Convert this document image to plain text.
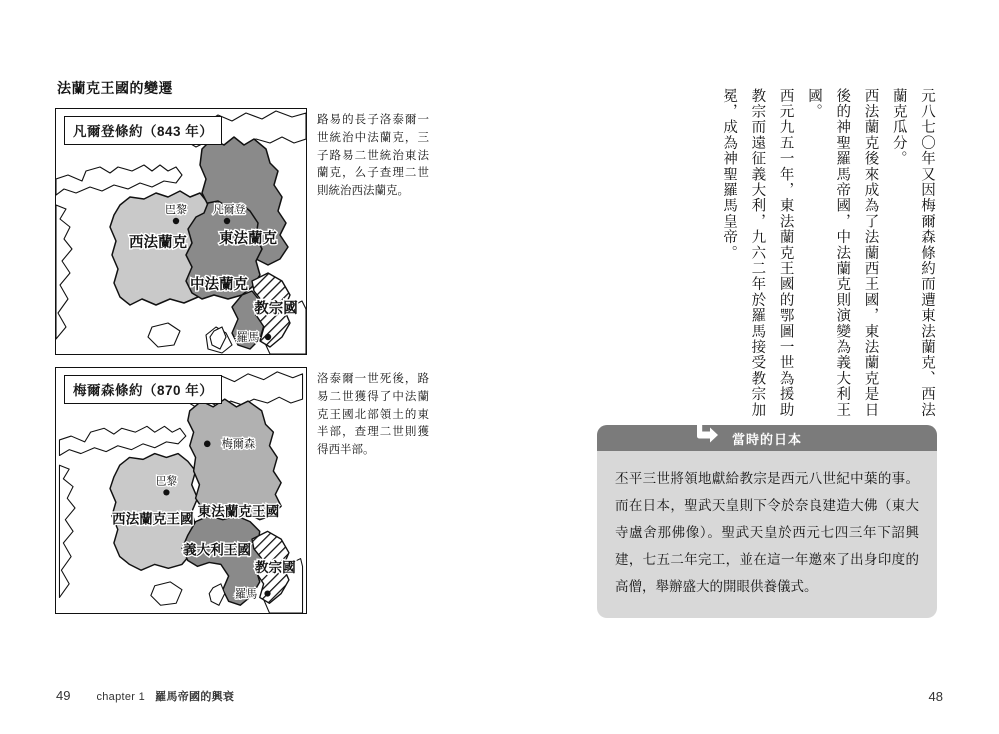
法蘭克王國的變遷
巴黎 凡爾登
西法蘭克 東法蘭克
中法蘭克
教宗國
羅馬
凡爾登條約（843 年）
路易的長子洛泰爾一世統治中法蘭克，三子路易二世統治東法蘭克，么子查理二世則統治西法蘭克。
巴黎
梅爾森
西法蘭克王國
東法蘭克王國
義大利王國
教宗國
羅馬
梅爾森條約（870 年）
洛泰爾一世死後，路易二世獲得了中法蘭克王國北部領土的東半部，查理二世則獲得西半部。
元八七〇年又因梅爾森條約而遭東法蘭克、西法蘭克瓜分。
西法蘭克後來成為了法蘭西王國，東法蘭克是日後的神聖羅馬帝國，中法蘭克則演變為義大利王國。
西元九五一年，東法蘭克王國的鄂圖一世為援助教宗而遠征義大利，九六二年於羅馬接受教宗加冕，成為神聖羅馬皇帝。
當時的日本
丕平三世將領地獻給教宗是西元八世紀中葉的事。而在日本，聖武天皇則下令於奈良建造大佛（東大寺盧舍那佛像）。聖武天皇於西元七四三年下詔興建，七五二年完工，並在這一年邀來了出身印度的高僧，舉辦盛大的開眼供養儀式。
49 chapter 1 羅馬帝國的興衰	48
